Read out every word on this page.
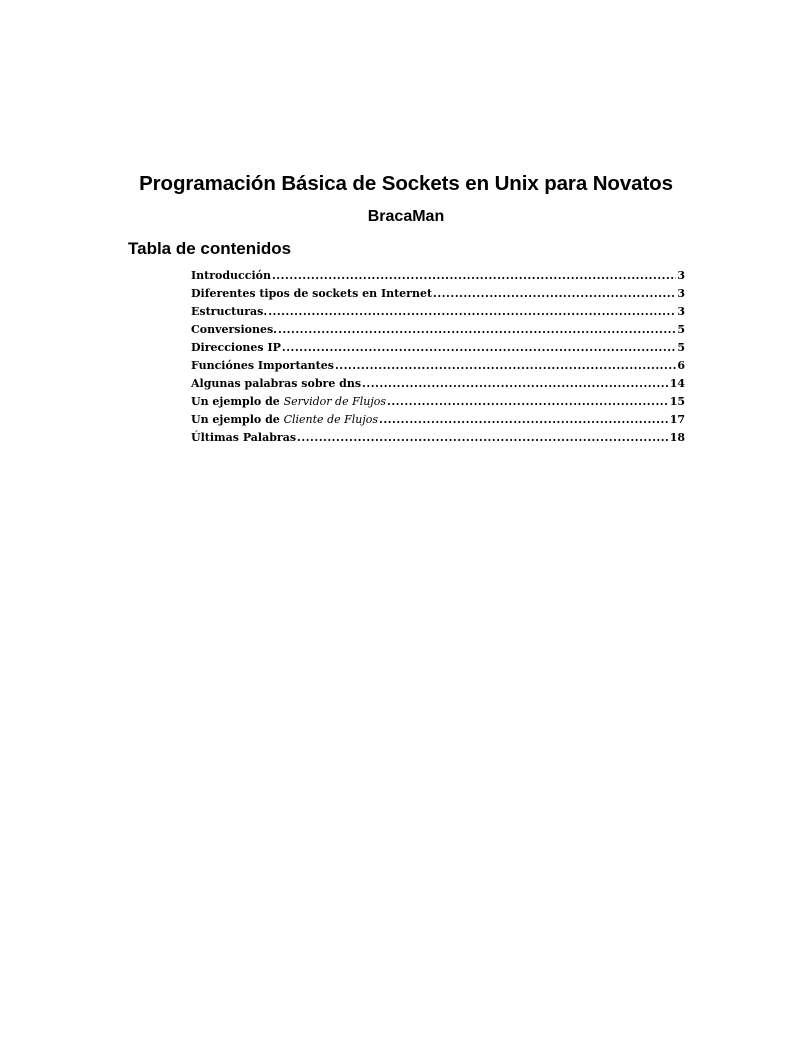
Programación Básica de Sockets en Unix para Novatos
BracaMan
Tabla de contenidos
Introducción .....	3
Diferentes tipos de sockets en Internet .....	3
Estructuras. .....	3
Conversiones. .....	5
Direcciones IP .....	5
Funciónes Importantes .....	6
Algunas palabras sobre dns .....	14
Un ejemplo de Servidor de Flujos .....	15
Un ejemplo de Cliente de Flujos .....	17
Últimas Palabras .....	18
